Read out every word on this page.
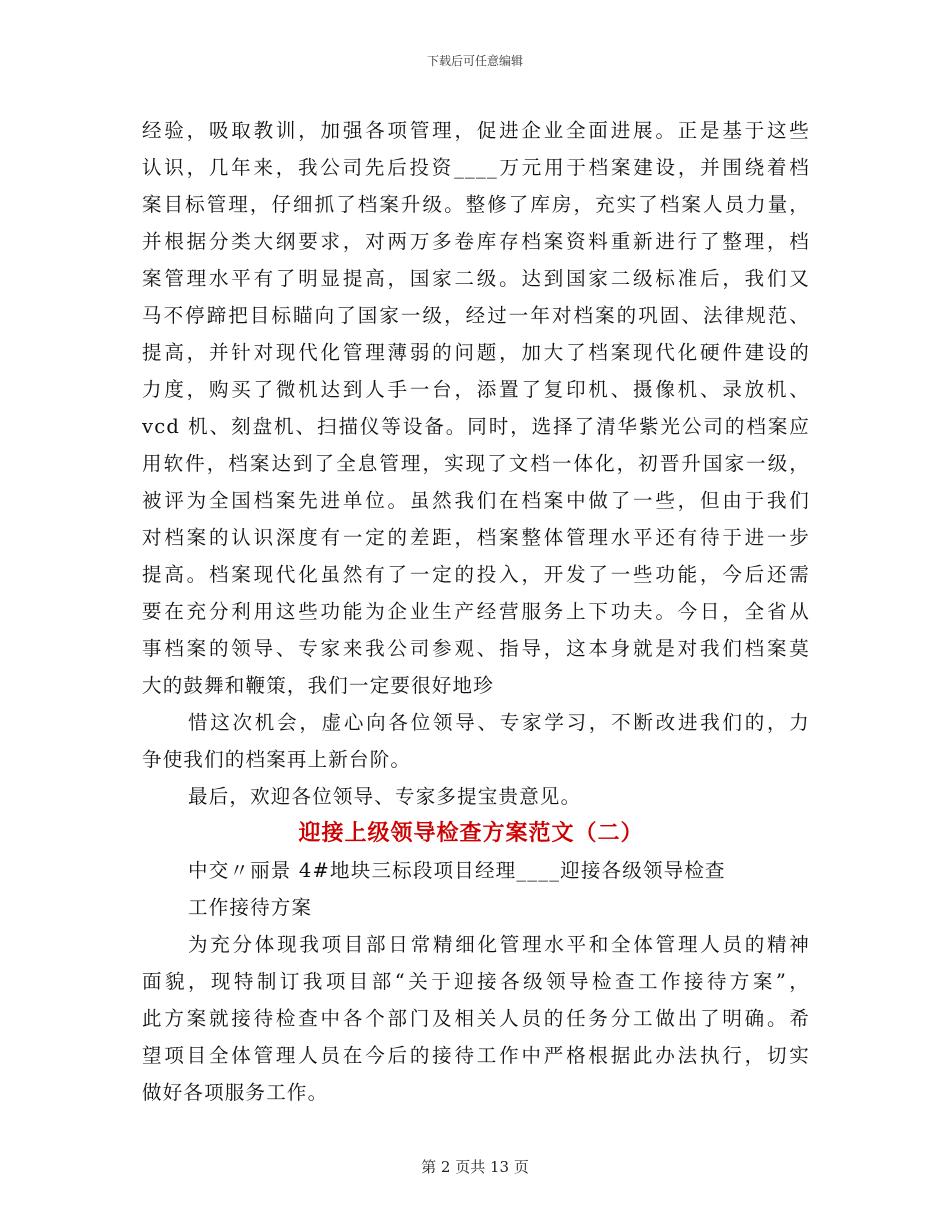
下载后可任意编辑
经验，吸取教训，加强各项管理，促进企业全面进展。正是基于这些
认识，几年来，我公司先后投资____万元用于档案建设，并围绕着档
案目标管理，仔细抓了档案升级。整修了库房，充实了档案人员力量，
并根据分类大纲要求，对两万多卷库存档案资料重新进行了整理，档
案管理水平有了明显提高，国家二级。达到国家二级标准后，我们又
马不停蹄把目标瞄向了国家一级，经过一年对档案的巩固、法律规范、
提高，并针对现代化管理薄弱的问题，加大了档案现代化硬件建设的
力度，购买了微机达到人手一台，添置了复印机、摄像机、录放机、
vcd 机、刻盘机、扫描仪等设备。同时，选择了清华紫光公司的档案应
用软件，档案达到了全息管理，实现了文档一体化，初晋升国家一级，
被评为全国档案先进单位。虽然我们在档案中做了一些，但由于我们
对档案的认识深度有一定的差距，档案整体管理水平还有待于进一步
提高。档案现代化虽然有了一定的投入，开发了一些功能，今后还需
要在充分利用这些功能为企业生产经营服务上下功夫。今日，全省从
事档案的领导、专家来我公司参观、指导，这本身就是对我们档案莫
大的鼓舞和鞭策，我们一定要很好地珍
惜这次机会，虚心向各位领导、专家学习，不断改进我们的，力
争使我们的档案再上新台阶。
最后，欢迎各位领导、专家多提宝贵意见。
迎接上级领导检查方案范文（二）
中交〃丽景 4#地块三标段项目经理____迎接各级领导检查
工作接待方案
为充分体现我项目部日常精细化管理水平和全体管理人员的精神
面貌，现特制订我项目部“关于迎接各级领导检查工作接待方案”，
此方案就接待检查中各个部门及相关人员的任务分工做出了明确。希
望项目全体管理人员在今后的接待工作中严格根据此办法执行，切实
做好各项服务工作。
第 2 页共 13 页
